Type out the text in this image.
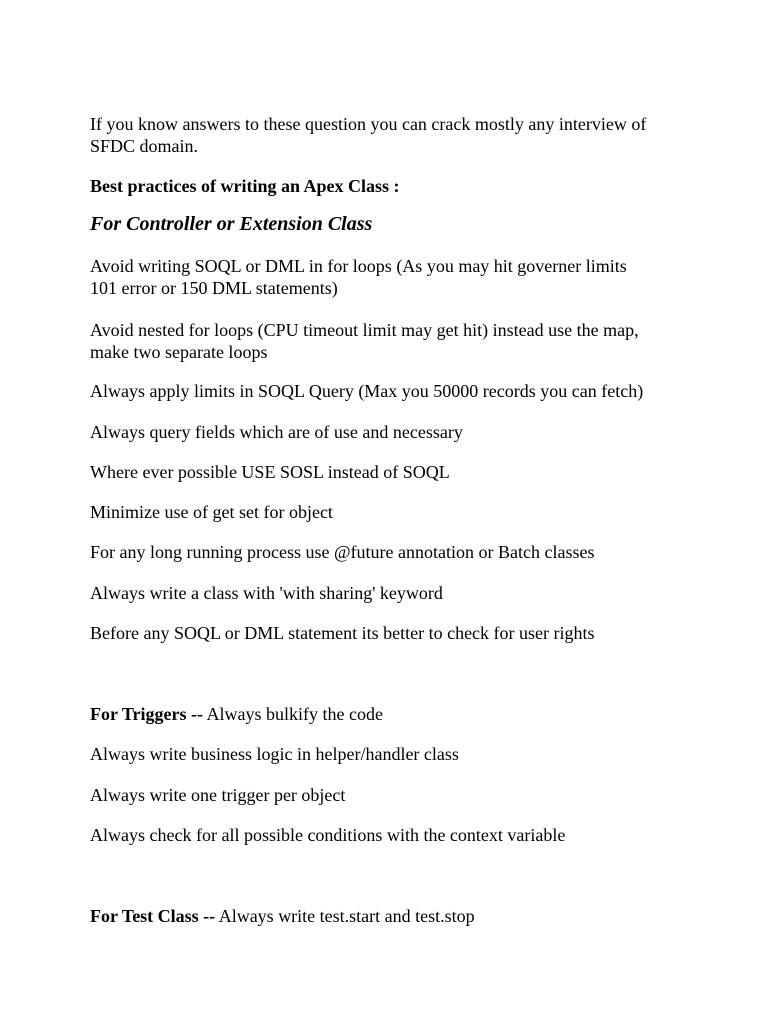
If you know answers to these question you can crack mostly any interview of
SFDC domain.

Best practices of writing an Apex Class :

For Controller or Extension Class

Avoid writing SOQL or DML in for loops (As you may hit governer limits
101 error or 150 DML statements)

Avoid nested for loops (CPU timeout limit may get hit) instead use the map,
make two separate loops

Always apply limits in SOQL Query (Max you 50000 records you can fetch)

Always query fields which are of use and necessary

Where ever possible USE SOSL instead of SOQL

Minimize use of get set for object

For any long running process use @future annotation or Batch classes

Always write a class with 'with sharing' keyword

Before any SOQL or DML statement its better to check for user rights

For Triggers -- Always bulkify the code

Always write business logic in helper/handler class

Always write one trigger per object

Always check for all possible conditions with the context variable

For Test Class -- Always write test.start and test.stop
